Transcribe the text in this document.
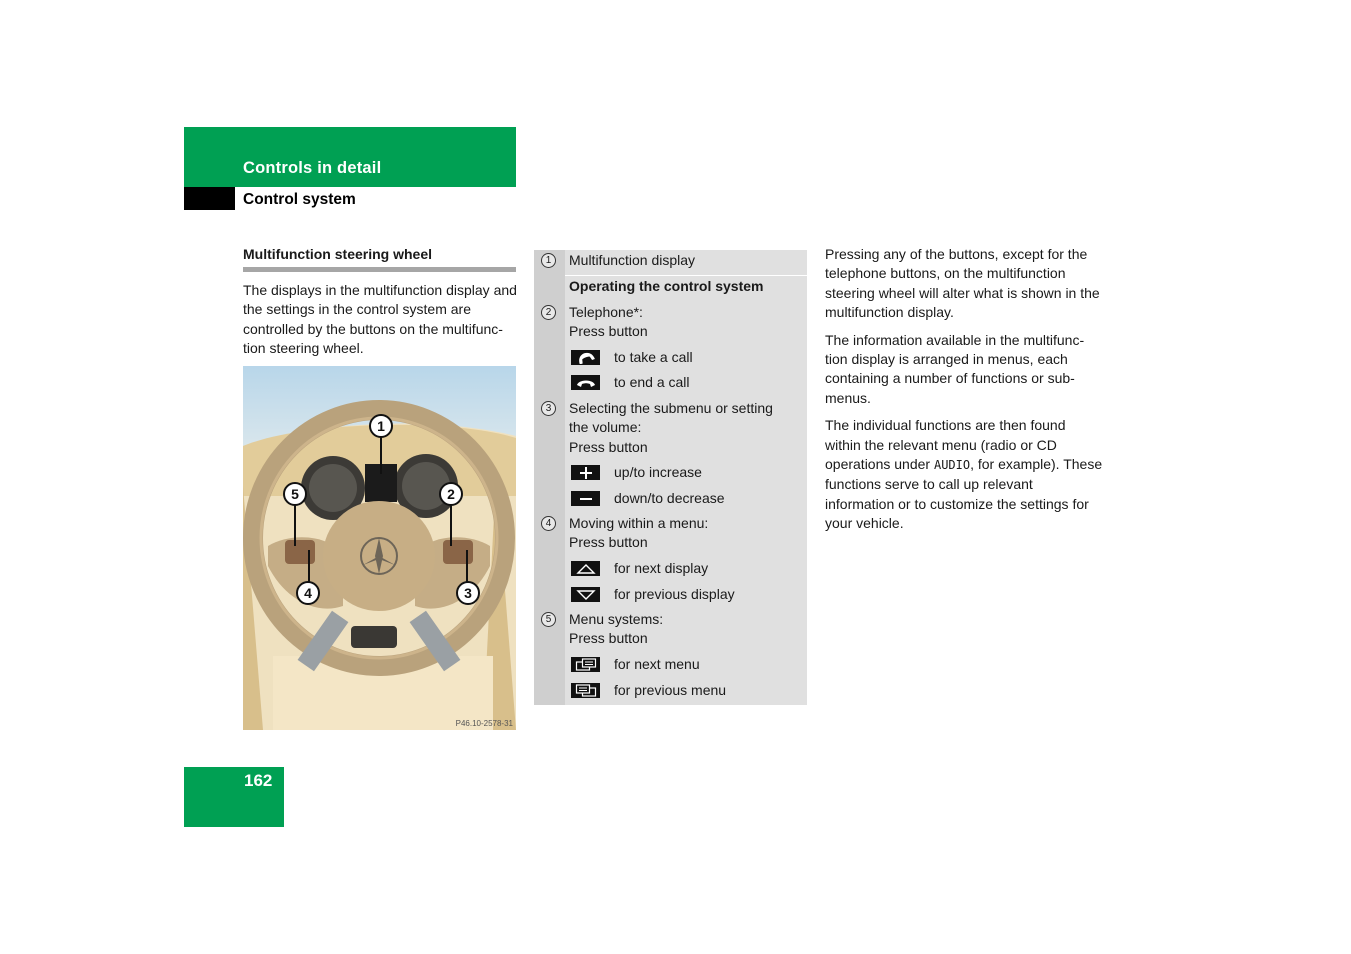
Controls in detail
Control system
Multifunction steering wheel
The displays in the multifunction display and the settings in the control system are controlled by the buttons on the multifunc-tion steering wheel.
1
2
3
4
5
P46.10-2578-31
1	Multifunction display
Operating the control system
2	Telephone*:
Press button
to take a call
to end a call
3	Selecting the submenu or setting
the volume:
Press button
up/to increase
down/to decrease
4	Moving within a menu:
Press button
for next display
for previous display
5	Menu systems:
Press button
for next menu
for previous menu

Pressing any of the buttons, except for the telephone buttons, on the multifunction steering wheel will alter what is shown in the multifunction display.

The information available in the multifunc-tion display is arranged in menus, each containing a number of functions or sub-menus.

The individual functions are then found within the relevant menu (radio or CD operations under AUDIO, for example). These functions serve to call up relevant information or to customize the settings for your vehicle.

162
